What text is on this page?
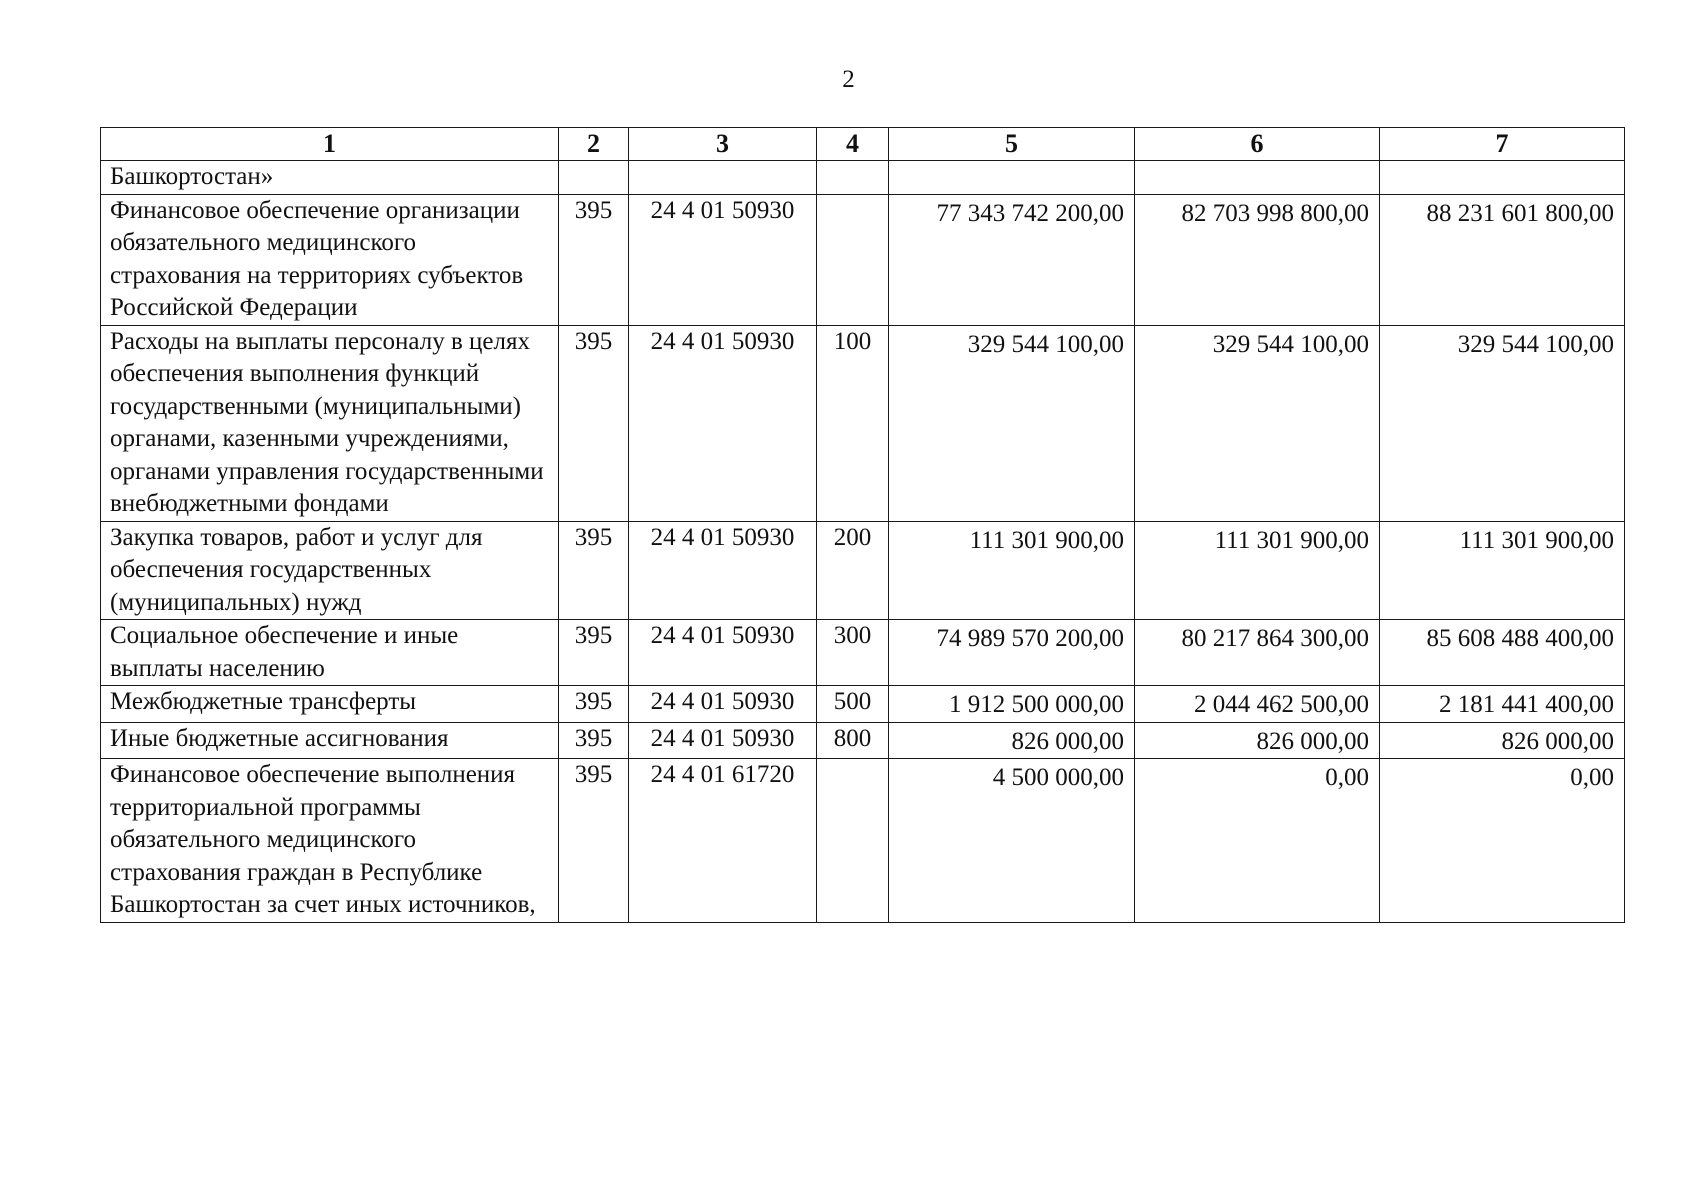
2
1	2	3	4	5	6	7
Башкортостан»						
Финансовое обеспечение организации обязательного медицинского страхования на территориях субъектов Российской Федерации	395	24 4 01 50930		77 343 742 200,00	82 703 998 800,00	88 231 601 800,00
Расходы на выплаты персоналу в целях обеспечения выполнения функций государственными (муниципальными) органами, казенными учреждениями, органами управления государственными внебюджетными фондами	395	24 4 01 50930	100	329 544 100,00	329 544 100,00	329 544 100,00
Закупка товаров, работ и услуг для обеспечения государственных (муниципальных) нужд	395	24 4 01 50930	200	111 301 900,00	111 301 900,00	111 301 900,00
Социальное обеспечение и иные выплаты населению	395	24 4 01 50930	300	74 989 570 200,00	80 217 864 300,00	85 608 488 400,00
Межбюджетные трансферты	395	24 4 01 50930	500	1 912 500 000,00	2 044 462 500,00	2 181 441 400,00
Иные бюджетные ассигнования	395	24 4 01 50930	800	826 000,00	826 000,00	826 000,00
Финансовое обеспечение выполнения территориальной программы обязательного медицинского страхования граждан в Республике Башкортостан за счет иных источников,	395	24 4 01 61720		4 500 000,00	0,00	0,00
